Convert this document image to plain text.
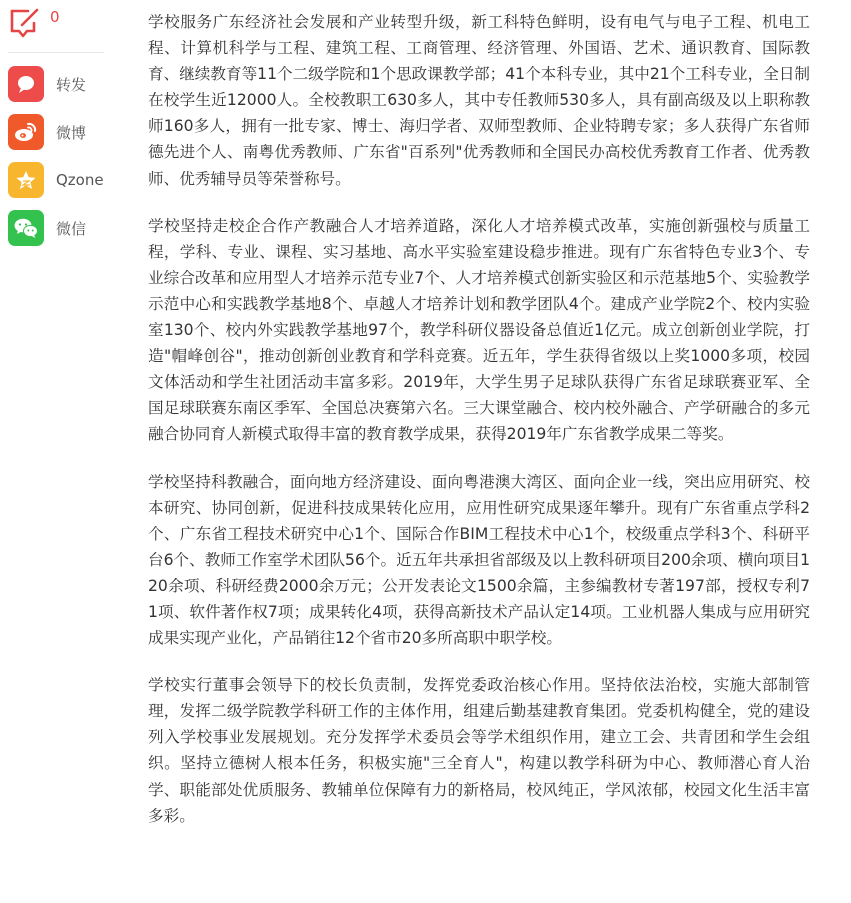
0
转发
微博
Qzone
微信

学校服务广东经济社会发展和产业转型升级，新工科特色鲜明，设有电气与电子工程、机电工程、计算机科学与工程、建筑工程、工商管理、经济管理、外国语、艺术、通识教育、国际教育、继续教育等11个二级学院和1个思政课教学部；41个本科专业，其中21个工科专业，全日制在校学生近12000人。全校教职工630多人，其中专任教师530多人，具有副高级及以上职称教师160多人，拥有一批专家、博士、海归学者、双师型教师、企业特聘专家；多人获得广东省师德先进个人、南粤优秀教师、广东省"百系列"优秀教师和全国民办高校优秀教育工作者、优秀教师、优秀辅导员等荣誉称号。

学校坚持走校企合作产教融合人才培养道路，深化人才培养模式改革，实施创新强校与质量工程，学科、专业、课程、实习基地、高水平实验室建设稳步推进。现有广东省特色专业3个、专业综合改革和应用型人才培养示范专业7个、人才培养模式创新实验区和示范基地5个、实验教学示范中心和实践教学基地8个、卓越人才培养计划和教学团队4个。建成产业学院2个、校内实验室130个、校内外实践教学基地97个，教学科研仪器设备总值近1亿元。成立创新创业学院，打造"帽峰创谷"，推动创新创业教育和学科竞赛。近五年，学生获得省级以上奖1000多项，校园文体活动和学生社团活动丰富多彩。2019年，大学生男子足球队获得广东省足球联赛亚军、全国足球联赛东南区季军、全国总决赛第六名。三大课堂融合、校内校外融合、产学研融合的多元融合协同育人新模式取得丰富的教育教学成果，获得2019年广东省教学成果二等奖。

学校坚持科教融合，面向地方经济建设、面向粤港澳大湾区、面向企业一线，突出应用研究、校本研究、协同创新，促进科技成果转化应用，应用性研究成果逐年攀升。现有广东省重点学科2个、广东省工程技术研究中心1个、国际合作BIM工程技术中心1个，校级重点学科3个、科研平台6个、教师工作室学术团队56个。近五年共承担省部级及以上教科研项目200余项、横向项目120余项、科研经费2000余万元；公开发表论文1500余篇，主参编教材专著197部，授权专利71项、软件著作权7项；成果转化4项，获得高新技术产品认定14项。工业机器人集成与应用研究成果实现产业化，产品销往12个省市20多所高职中职学校。

学校实行董事会领导下的校长负责制，发挥党委政治核心作用。坚持依法治校，实施大部制管理，发挥二级学院教学科研工作的主体作用，组建后勤基建教育集团。党委机构健全，党的建设列入学校事业发展规划。充分发挥学术委员会等学术组织作用，建立工会、共青团和学生会组织。坚持立德树人根本任务，积极实施"三全育人"，构建以教学科研为中心、教师潜心育人治学、职能部处优质服务、教辅单位保障有力的新格局，校风纯正，学风浓郁，校园文化生活丰富多彩。
